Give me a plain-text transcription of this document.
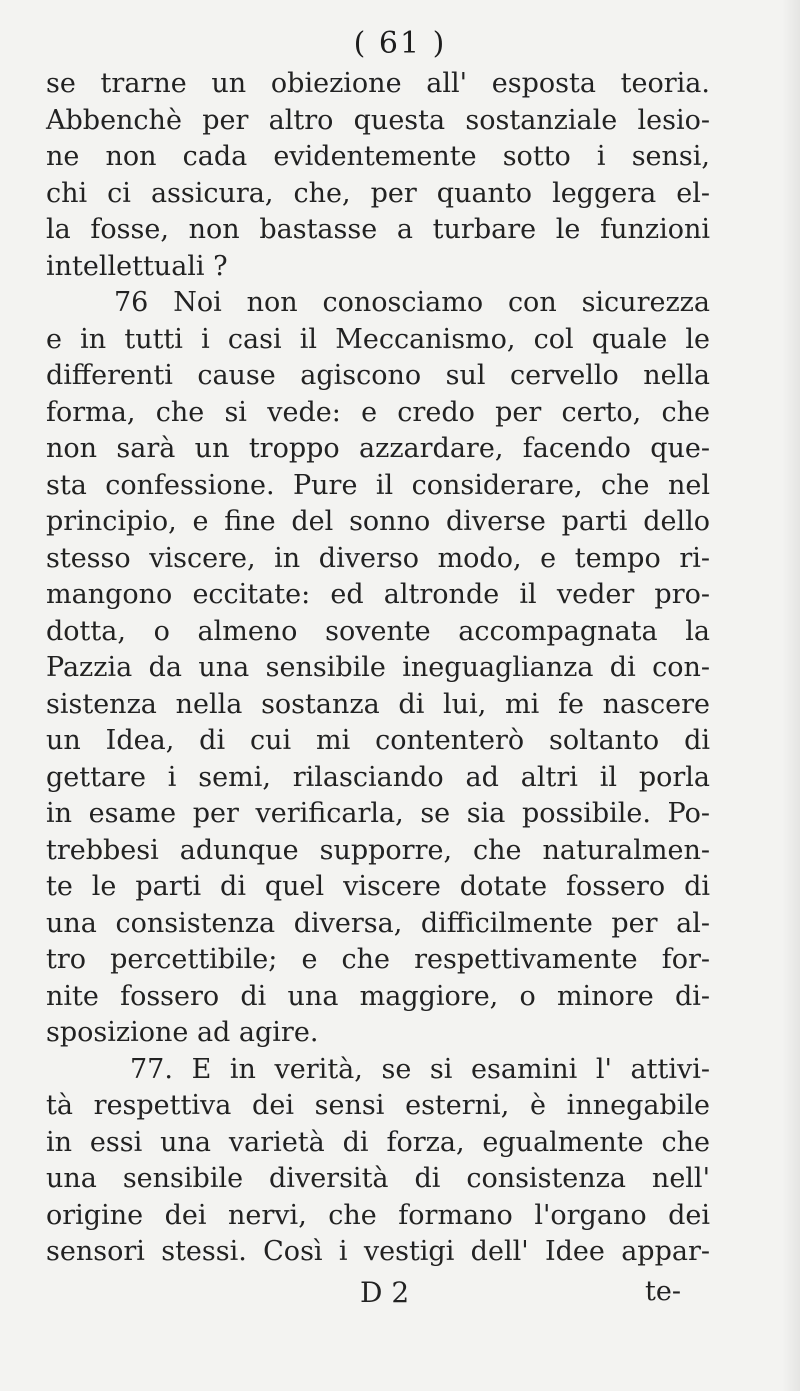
( 61 )
se trarne un obiezione all' esposta teoria.
Abbenchè per altro questa sostanziale lesio-
ne non cada evidentemente sotto i sensi,
chi ci assicura, che, per quanto leggera el-
la fosse, non bastasse a turbare le funzioni
intellettuali ?
76 Noi non conosciamo con sicurezza
e in tutti i casi il Meccanismo, col quale le
differenti cause agiscono sul cervello nella
forma, che si vede: e credo per certo, che
non sarà un troppo azzardare, facendo que-
sta confessione. Pure il considerare, che nel
principio, e fine del sonno diverse parti dello
stesso viscere, in diverso modo, e tempo ri-
mangono eccitate: ed altronde il veder pro-
dotta, o almeno sovente accompagnata la
Pazzia da una sensibile ineguaglianza di con-
sistenza nella sostanza di lui, mi fe nascere
un Idea, di cui mi contenterò soltanto di
gettare i semi, rilasciando ad altri il porla
in esame per verificarla, se sia possibile. Po-
trebbesi adunque supporre, che naturalmen-
te le parti di quel viscere dotate fossero di
una consistenza diversa, difficilmente per al-
tro percettibile; e che respettivamente for-
nite fossero di una maggiore, o minore di-
sposizione ad agire.
77. E in verità, se si esamini l' attivi-
tà respettiva dei sensi esterni, è innegabile
in essi una varietà di forza, egualmente che
una sensibile diversità di consistenza nell'
origine dei nervi, che formano l'organo dei
sensori stessi. Così i vestigi dell' Idee appar-
D 2	te-
